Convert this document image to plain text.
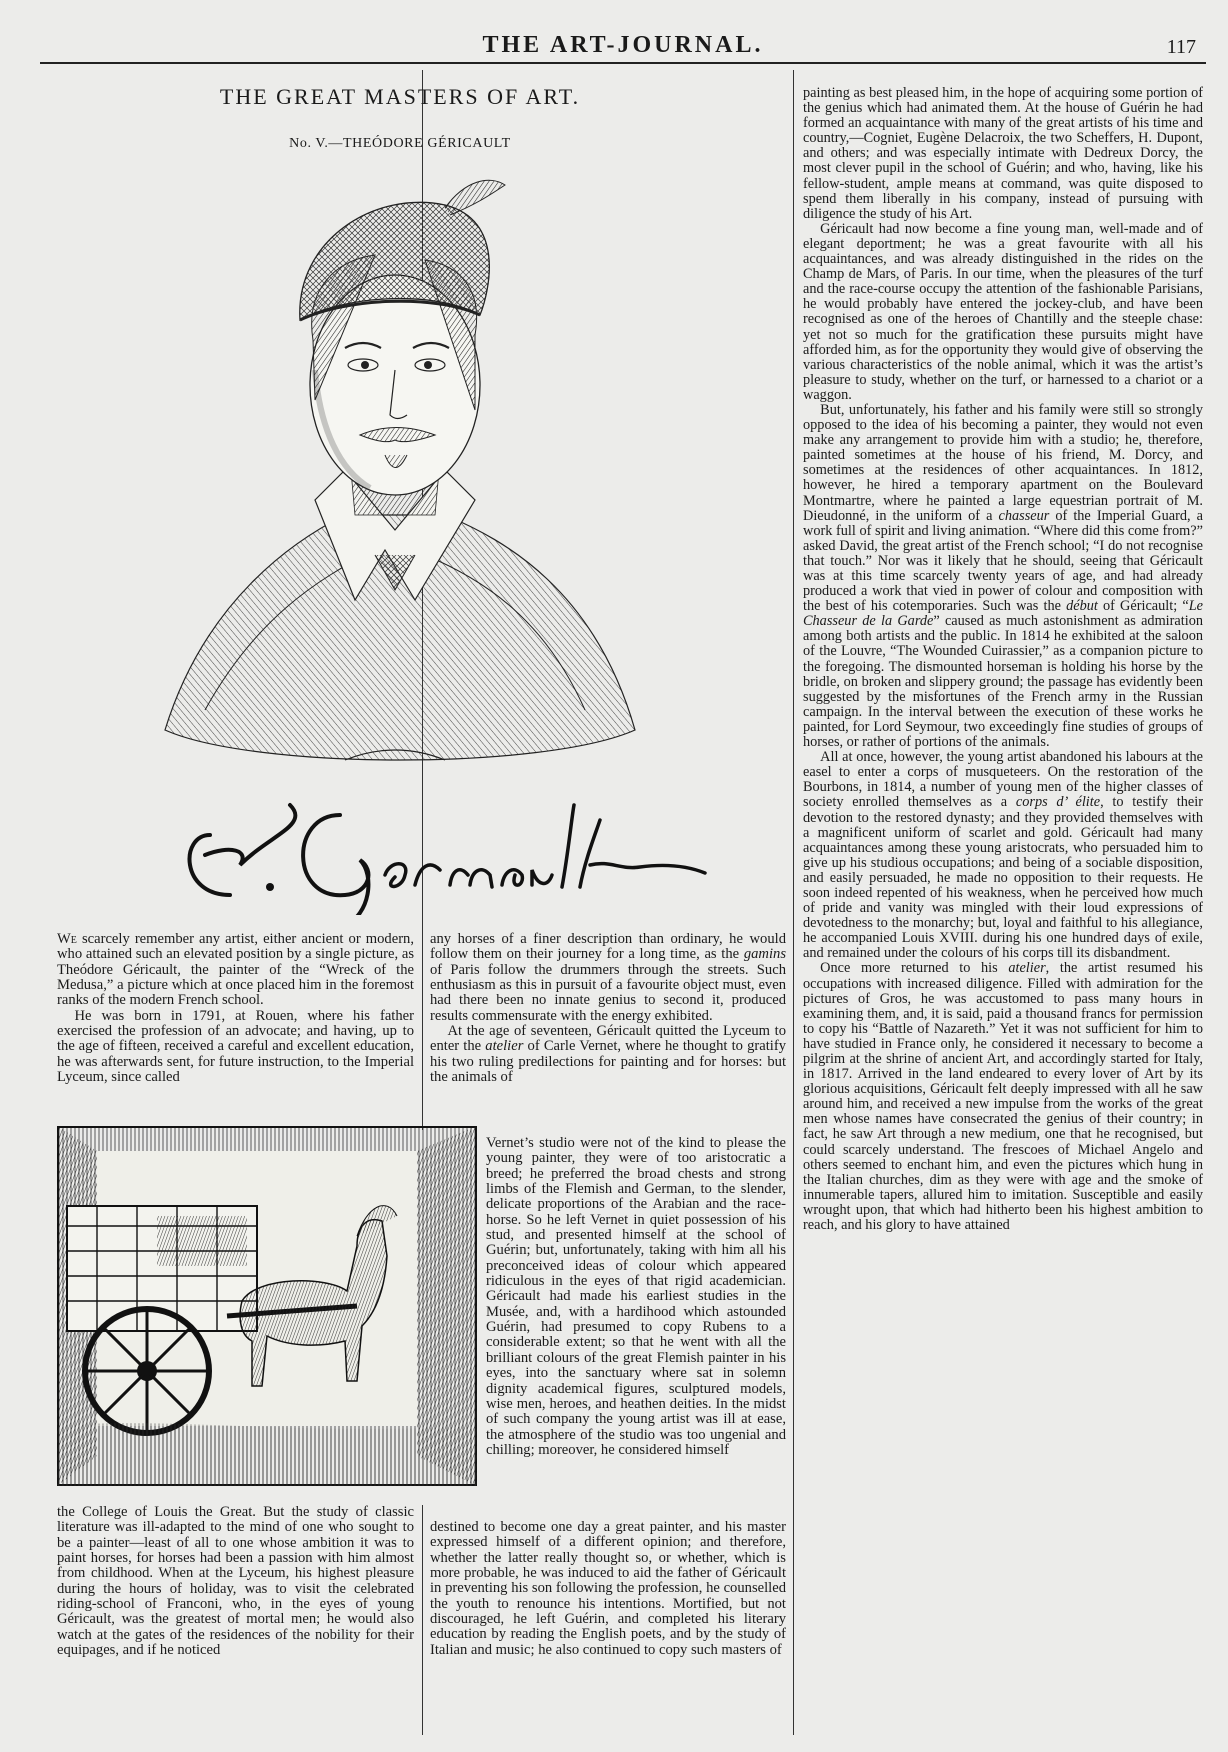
THE ART-JOURNAL.	117
THE GREAT MASTERS OF ART.
No. V.—THEÓDORE GÉRICAULT

We scarcely remember any artist, either ancient or modern, who attained such an elevated position by a single picture, as Theódore Géricault, the painter of the “Wreck of the Medusa,” a picture which at once placed him in the foremost ranks of the modern French school.

He was born in 1791, at Rouen, where his father exercised the profession of an advocate; and having, up to the age of fifteen, received a careful and excellent education, he was afterwards sent, for future instruction, to the Imperial Lyceum, since called

the College of Louis the Great. But the study of classic literature was ill-adapted to the mind of one who sought to be a painter—least of all to one whose ambition it was to paint horses, for horses had been a passion with him almost from childhood. When at the Lyceum, his highest pleasure during the hours of holiday, was to visit the celebrated riding-school of Franconi, who, in the eyes of young Géricault, was the greatest of mortal men; he would also watch at the gates of the residences of the nobility for their equipages, and if he noticed

any horses of a finer description than ordinary, he would follow them on their journey for a long time, as the gamins of Paris follow the drummers through the streets. Such enthusiasm as this in pursuit of a favourite object must, even had there been no innate genius to second it, produced results commensurate with the energy exhibited.

At the age of seventeen, Géricault quitted the Lyceum to enter the atelier of Carle Vernet, where he thought to gratify his two ruling predilections for painting and for horses: but the animals of

Vernet’s studio were not of the kind to please the young painter, they were of too aristocratic a breed; he preferred the broad chests and strong limbs of the Flemish and German, to the slender, delicate proportions of the Arabian and the race-horse. So he left Vernet in quiet possession of his stud, and presented himself at the school of Guérin; but, unfortunately, taking with him all his preconceived ideas of colour which appeared ridiculous in the eyes of that rigid academician. Géricault had made his earliest studies in the Musée, and, with a hardihood which astounded Guérin, had presumed to copy Rubens to a considerable extent; so that he went with all the brilliant colours of the great Flemish painter in his eyes, into the sanctuary where sat in solemn dignity academical figures, sculptured models, wise men, heroes, and heathen deities. In the midst of such company the young artist was ill at ease, the atmosphere of the studio was too ungenial and chilling; moreover, he considered himself

destined to become one day a great painter, and his master expressed himself of a different opinion; and therefore, whether the latter really thought so, or whether, which is more probable, he was induced to aid the father of Géricault in preventing his son following the profession, he counselled the youth to renounce his intentions. Mortified, but not discouraged, he left Guérin, and completed his literary education by reading the English poets, and by the study of Italian and music; he also continued to copy such masters of

painting as best pleased him, in the hope of acquiring some portion of the genius which had animated them. At the house of Guérin he had formed an acquaintance with many of the great artists of his time and country,—Cogniet, Eugène Delacroix, the two Scheffers, H. Dupont, and others; and was especially intimate with Dedreux Dorcy, the most clever pupil in the school of Guérin; and who, having, like his fellow-student, ample means at command, was quite disposed to spend them liberally in his company, instead of pursuing with diligence the study of his Art.

Géricault had now become a fine young man, well-made and of elegant deportment; he was a great favourite with all his acquaintances, and was already distinguished in the rides on the Champ de Mars, of Paris. In our time, when the pleasures of the turf and the race-course occupy the attention of the fashionable Parisians, he would probably have entered the jockey-club, and have been recognised as one of the heroes of Chantilly and the steeple chase: yet not so much for the gratification these pursuits might have afforded him, as for the opportunity they would give of observing the various characteristics of the noble animal, which it was the artist’s pleasure to study, whether on the turf, or harnessed to a chariot or a waggon.

But, unfortunately, his father and his family were still so strongly opposed to the idea of his becoming a painter, they would not even make any arrangement to provide him with a studio; he, therefore, painted sometimes at the house of his friend, M. Dorcy, and sometimes at the residences of other acquaintances. In 1812, however, he hired a temporary apartment on the Boulevard Montmartre, where he painted a large equestrian portrait of M. Dieudonné, in the uniform of a chasseur of the Imperial Guard, a work full of spirit and living animation. “Where did this come from?” asked David, the great artist of the French school; “I do not recognise that touch.” Nor was it likely that he should, seeing that Géricault was at this time scarcely twenty years of age, and had already produced a work that vied in power of colour and composition with the best of his cotemporaries. Such was the début of Géricault; “Le Chasseur de la Garde” caused as much astonishment as admiration among both artists and the public. In 1814 he exhibited at the saloon of the Louvre, “The Wounded Cuirassier,” as a companion picture to the foregoing. The dismounted horseman is holding his horse by the bridle, on broken and slippery ground; the passage has evidently been suggested by the misfortunes of the French army in the Russian campaign. In the interval between the execution of these works he painted, for Lord Seymour, two exceedingly fine studies of groups of horses, or rather of portions of the animals.

All at once, however, the young artist abandoned his labours at the easel to enter a corps of musqueteers. On the restoration of the Bourbons, in 1814, a number of young men of the higher classes of society enrolled themselves as a corps d’ élite, to testify their devotion to the restored dynasty; and they provided themselves with a magnificent uniform of scarlet and gold. Géricault had many acquaintances among these young aristocrats, who persuaded him to give up his studious occupations; and being of a sociable disposition, and easily persuaded, he made no opposition to their requests. He soon indeed repented of his weakness, when he perceived how much of pride and vanity was mingled with their loud expressions of devotedness to the monarchy; but, loyal and faithful to his allegiance, he accompanied Louis XVIII. during his one hundred days of exile, and remained under the colours of his corps till its disbandment.

Once more returned to his atelier, the artist resumed his occupations with increased diligence. Filled with admiration for the pictures of Gros, he was accustomed to pass many hours in examining them, and, it is said, paid a thousand francs for permission to copy his “Battle of Nazareth.” Yet it was not sufficient for him to have studied in France only, he considered it necessary to become a pilgrim at the shrine of ancient Art, and accordingly started for Italy, in 1817. Arrived in the land endeared to every lover of Art by its glorious acquisitions, Géricault felt deeply impressed with all he saw around him, and received a new impulse from the works of the great men whose names have consecrated the genius of their country; in fact, he saw Art through a new medium, one that he recognised, but could scarcely understand. The frescoes of Michael Angelo and others seemed to enchant him, and even the pictures which hung in the Italian churches, dim as they were with age and the smoke of innumerable tapers, allured him to imitation. Susceptible and easily wrought upon, that which had hitherto been his highest ambition to reach, and his glory to have attained
